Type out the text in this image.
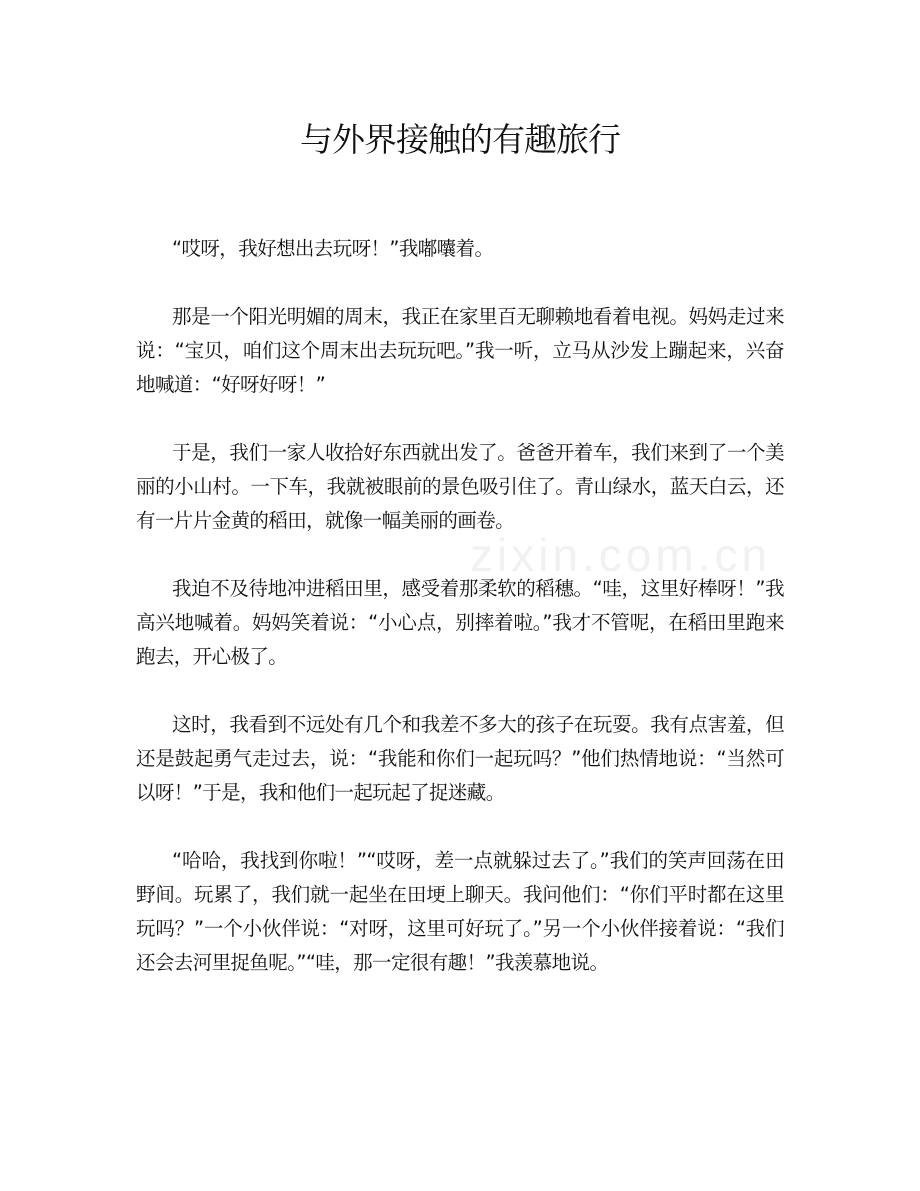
与外界接触的有趣旅行
zixin.com.cn

“哎呀，我好想出去玩呀！”我嘟囔着。

那是一个阳光明媚的周末，我正在家里百无聊赖地看着电视。妈妈走过来说：“宝贝，咱们这个周末出去玩玩吧。”我一听，立马从沙发上蹦起来，兴奋地喊道：“好呀好呀！”

于是，我们一家人收拾好东西就出发了。爸爸开着车，我们来到了一个美丽的小山村。一下车，我就被眼前的景色吸引住了。青山绿水，蓝天白云，还有一片片金黄的稻田，就像一幅美丽的画卷。

我迫不及待地冲进稻田里，感受着那柔软的稻穗。“哇，这里好棒呀！”我高兴地喊着。妈妈笑着说：“小心点，别摔着啦。”我才不管呢，在稻田里跑来跑去，开心极了。

这时，我看到不远处有几个和我差不多大的孩子在玩耍。我有点害羞，但还是鼓起勇气走过去，说：“我能和你们一起玩吗？”他们热情地说：“当然可以呀！”于是，我和他们一起玩起了捉迷藏。

“哈哈，我找到你啦！”“哎呀，差一点就躲过去了。”我们的笑声回荡在田野间。玩累了，我们就一起坐在田埂上聊天。我问他们：“你们平时都在这里玩吗？”一个小伙伴说：“对呀，这里可好玩了。”另一个小伙伴接着说：“我们还会去河里捉鱼呢。”“哇，那一定很有趣！”我羡慕地说。
